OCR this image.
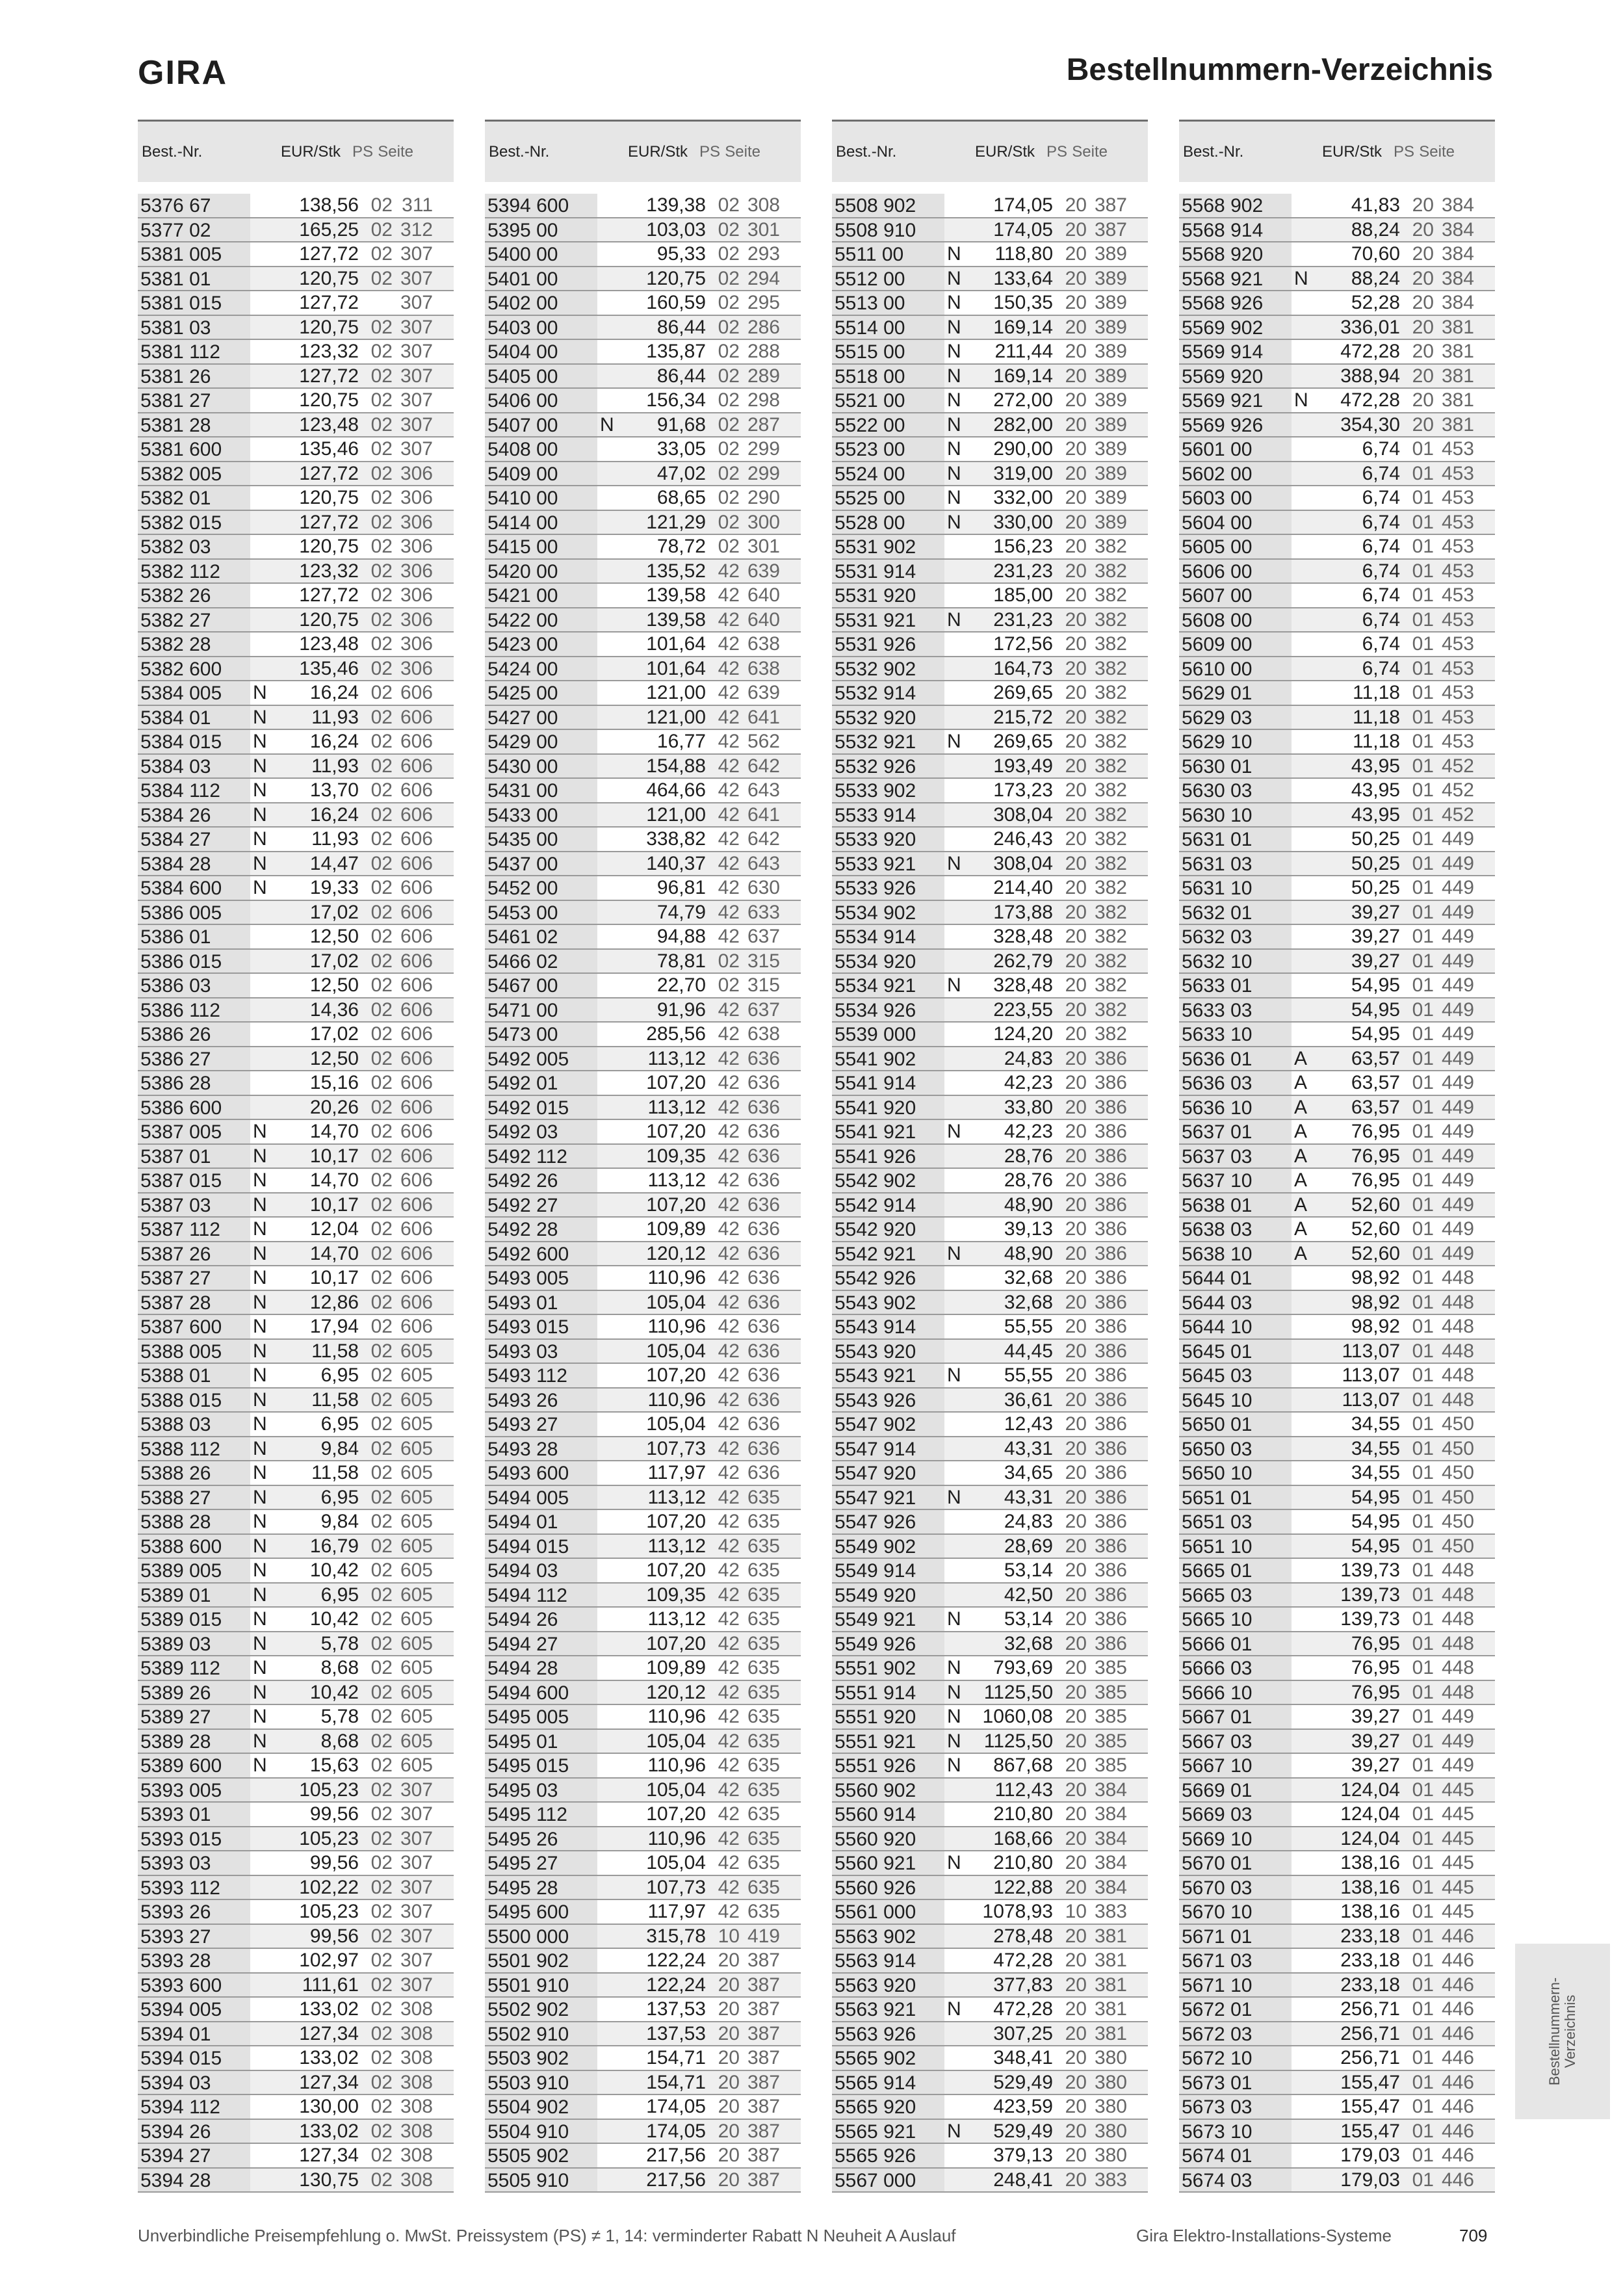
GIRA	Bestellnummern-Verzeichnis
Best.-Nr.	EUR/Stk PS Seite
5376 67	138,56 02 311
5377 02	165,25 02 312
5381 005	127,72 02 307
5381 01	120,75 02 307
5381 015	127,72	307
5381 03	120,75 02 307
5381 112	123,32 02 307
5381 26	127,72 02 307
5381 27	120,75 02 307
5381 28	123,48 02 307
5381 600	135,46 02 307
5382 005	127,72 02 306
5382 01	120,75 02 306
5382 015	127,72 02 306
5382 03	120,75 02 306
5382 112	123,32 02 306
5382 26	127,72 02 306
5382 27	120,75 02 306
5382 28	123,48 02 306
5382 600	135,46 02 306
5384 005	N	16,24 02 606
5384 01	N	11,93 02 606
5384 015	N	16,24 02 606
5384 03	N	11,93 02 606
5384 112	N	13,70 02 606
5384 26	N	16,24 02 606
5384 27	N	11,93 02 606
5384 28	N	14,47 02 606
5384 600	N	19,33 02 606
5386 005	17,02 02 606
5386 01	12,50 02 606
5386 015	17,02 02 606
5386 03	12,50 02 606
5386 112	14,36 02 606
5386 26	17,02 02 606
5386 27	12,50 02 606
5386 28	15,16 02 606
5386 600	20,26 02 606
5387 005	N	14,70 02 606
5387 01	N	10,17 02 606
5387 015	N	14,70 02 606
5387 03	N	10,17 02 606
5387 112	N	12,04 02 606
5387 26	N	14,70 02 606
5387 27	N	10,17 02 606
5387 28	N	12,86 02 606
5387 600	N	17,94 02 606
5388 005	N	11,58 02 605
5388 01	N	6,95 02 605
5388 015	N	11,58 02 605
5388 03	N	6,95 02 605
5388 112	N	9,84 02 605
5388 26	N	11,58 02 605
5388 27	N	6,95 02 605
5388 28	N	9,84 02 605
5388 600	N	16,79 02 605
5389 005	N	10,42 02 605
5389 01	N	6,95 02 605
5389 015	N	10,42 02 605
5389 03	N	5,78 02 605
5389 112	N	8,68 02 605
5389 26	N	10,42 02 605
5389 27	N	5,78 02 605
5389 28	N	8,68 02 605
5389 600	N	15,63 02 605
5393 005	105,23 02 307
5393 01	99,56 02 307
5393 015	105,23 02 307
5393 03	99,56 02 307
5393 112	102,22 02 307
5393 26	105,23 02 307
5393 27	99,56 02 307
5393 28	102,97 02 307
5393 600	111,61 02 307
5394 005	133,02 02 308
5394 01	127,34 02 308
5394 015	133,02 02 308
5394 03	127,34 02 308
5394 112	130,00 02 308
5394 26	133,02 02 308
5394 27	127,34 02 308
5394 28	130,75 02 308
Best.-Nr.	EUR/Stk PS Seite
5394 600	139,38 02 308
5395 00	103,03 02 301
5400 00	95,33 02 293
5401 00	120,75 02 294
5402 00	160,59 02 295
5403 00	86,44 02 286
5404 00	135,87 02 288
5405 00	86,44 02 289
5406 00	156,34 02 298
5407 00	N	91,68 02 287
5408 00	33,05 02 299
5409 00	47,02 02 299
5410 00	68,65 02 290
5414 00	121,29 02 300
5415 00	78,72 02 301
5420 00	135,52 42 639
5421 00	139,58 42 640
5422 00	139,58 42 640
5423 00	101,64 42 638
5424 00	101,64 42 638
5425 00	121,00 42 639
5427 00	121,00 42 641
5429 00	16,77 42 562
5430 00	154,88 42 642
5431 00	464,66 42 643
5433 00	121,00 42 641
5435 00	338,82 42 642
5437 00	140,37 42 643
5452 00	96,81 42 630
5453 00	74,79 42 633
5461 02	94,88 42 637
5466 02	78,81 02 315
5467 00	22,70 02 315
5471 00	91,96 42 637
5473 00	285,56 42 638
5492 005	113,12 42 636
5492 01	107,20 42 636
5492 015	113,12 42 636
5492 03	107,20 42 636
5492 112	109,35 42 636
5492 26	113,12 42 636
5492 27	107,20 42 636
5492 28	109,89 42 636
5492 600	120,12 42 636
5493 005	110,96 42 636
5493 01	105,04 42 636
5493 015	110,96 42 636
5493 03	105,04 42 636
5493 112	107,20 42 636
5493 26	110,96 42 636
5493 27	105,04 42 636
5493 28	107,73 42 636
5493 600	117,97 42 636
5494 005	113,12 42 635
5494 01	107,20 42 635
5494 015	113,12 42 635
5494 03	107,20 42 635
5494 112	109,35 42 635
5494 26	113,12 42 635
5494 27	107,20 42 635
5494 28	109,89 42 635
5494 600	120,12 42 635
5495 005	110,96 42 635
5495 01	105,04 42 635
5495 015	110,96 42 635
5495 03	105,04 42 635
5495 112	107,20 42 635
5495 26	110,96 42 635
5495 27	105,04 42 635
5495 28	107,73 42 635
5495 600	117,97 42 635
5500 000	315,78 10 419
5501 902	122,24 20 387
5501 910	122,24 20 387
5502 902	137,53 20 387
5502 910	137,53 20 387
5503 902	154,71 20 387
5503 910	154,71 20 387
5504 902	174,05 20 387
5504 910	174,05 20 387
5505 902	217,56 20 387
5505 910	217,56 20 387
Best.-Nr.	EUR/Stk PS Seite
5508 902	174,05 20 387
5508 910	174,05 20 387
5511 00	N	118,80 20 389
5512 00	N	133,64 20 389
5513 00	N	150,35 20 389
5514 00	N	169,14 20 389
5515 00	N	211,44 20 389
5518 00	N	169,14 20 389
5521 00	N	272,00 20 389
5522 00	N	282,00 20 389
5523 00	N	290,00 20 389
5524 00	N	319,00 20 389
5525 00	N	332,00 20 389
5528 00	N	330,00 20 389
5531 902	156,23 20 382
5531 914	231,23 20 382
5531 920	185,00 20 382
5531 921	N	231,23 20 382
5531 926	172,56 20 382
5532 902	164,73 20 382
5532 914	269,65 20 382
5532 920	215,72 20 382
5532 921	N	269,65 20 382
5532 926	193,49 20 382
5533 902	173,23 20 382
5533 914	308,04 20 382
5533 920	246,43 20 382
5533 921	N	308,04 20 382
5533 926	214,40 20 382
5534 902	173,88 20 382
5534 914	328,48 20 382
5534 920	262,79 20 382
5534 921	N	328,48 20 382
5534 926	223,55 20 382
5539 000	124,20 20 382
5541 902	24,83 20 386
5541 914	42,23 20 386
5541 920	33,80 20 386
5541 921	N	42,23 20 386
5541 926	28,76 20 386
5542 902	28,76 20 386
5542 914	48,90 20 386
5542 920	39,13 20 386
5542 921	N	48,90 20 386
5542 926	32,68 20 386
5543 902	32,68 20 386
5543 914	55,55 20 386
5543 920	44,45 20 386
5543 921	N	55,55 20 386
5543 926	36,61 20 386
5547 902	12,43 20 386
5547 914	43,31 20 386
5547 920	34,65 20 386
5547 921	N	43,31 20 386
5547 926	24,83 20 386
5549 902	28,69 20 386
5549 914	53,14 20 386
5549 920	42,50 20 386
5549 921	N	53,14 20 386
5549 926	32,68 20 386
5551 902	N	793,69 20 385
5551 914	N	1125,50 20 385
5551 920	N	1060,08 20 385
5551 921	N	1125,50 20 385
5551 926	N	867,68 20 385
5560 902	112,43 20 384
5560 914	210,80 20 384
5560 920	168,66 20 384
5560 921	N	210,80 20 384
5560 926	122,88 20 384
5561 000	1078,93 10 383
5563 902	278,48 20 381
5563 914	472,28 20 381
5563 920	377,83 20 381
5563 921	N	472,28 20 381
5563 926	307,25 20 381
5565 902	348,41 20 380
5565 914	529,49 20 380
5565 920	423,59 20 380
5565 921	N	529,49 20 380
5565 926	379,13 20 380
5567 000	248,41 20 383
Best.-Nr.	EUR/Stk PS Seite
5568 902	41,83 20 384
5568 914	88,24 20 384
5568 920	70,60 20 384
5568 921	N	88,24 20 384
5568 926	52,28 20 384
5569 902	336,01 20 381
5569 914	472,28 20 381
5569 920	388,94 20 381
5569 921	N	472,28 20 381
5569 926	354,30 20 381
5601 00	6,74 01 453
5602 00	6,74 01 453
5603 00	6,74 01 453
5604 00	6,74 01 453
5605 00	6,74 01 453
5606 00	6,74 01 453
5607 00	6,74 01 453
5608 00	6,74 01 453
5609 00	6,74 01 453
5610 00	6,74 01 453
5629 01	11,18 01 453
5629 03	11,18 01 453
5629 10	11,18 01 453
5630 01	43,95 01 452
5630 03	43,95 01 452
5630 10	43,95 01 452
5631 01	50,25 01 449
5631 03	50,25 01 449
5631 10	50,25 01 449
5632 01	39,27 01 449
5632 03	39,27 01 449
5632 10	39,27 01 449
5633 01	54,95 01 449
5633 03	54,95 01 449
5633 10	54,95 01 449
5636 01	A	63,57 01 449
5636 03	A	63,57 01 449
5636 10	A	63,57 01 449
5637 01	A	76,95 01 449
5637 03	A	76,95 01 449
5637 10	A	76,95 01 449
5638 01	A	52,60 01 449
5638 03	A	52,60 01 449
5638 10	A	52,60 01 449
5644 01	98,92 01 448
5644 03	98,92 01 448
5644 10	98,92 01 448
5645 01	113,07 01 448
5645 03	113,07 01 448
5645 10	113,07 01 448
5650 01	34,55 01 450
5650 03	34,55 01 450
5650 10	34,55 01 450
5651 01	54,95 01 450
5651 03	54,95 01 450
5651 10	54,95 01 450
5665 01	139,73 01 448
5665 03	139,73 01 448
5665 10	139,73 01 448
5666 01	76,95 01 448
5666 03	76,95 01 448
5666 10	76,95 01 448
5667 01	39,27 01 449
5667 03	39,27 01 449
5667 10	39,27 01 449
5669 01	124,04 01 445
5669 03	124,04 01 445
5669 10	124,04 01 445
5670 01	138,16 01 445
5670 03	138,16 01 445
5670 10	138,16 01 445
5671 01	233,18 01 446
5671 03	233,18 01 446
5671 10	233,18 01 446
5672 01	256,71 01 446
5672 03	256,71 01 446
5672 10	256,71 01 446
5673 01	155,47 01 446
5673 03	155,47 01 446
5673 10	155,47 01 446
5674 01	179,03 01 446
5674 03	179,03 01 446
Bestellnummern-
Verzeichnis
Unverbindliche Preisempfehlung o. MwSt. Preissystem (PS) ≠ 1, 14: verminderter Rabatt N Neuheit A Auslauf	Gira Elektro-Installations-Systeme	709
